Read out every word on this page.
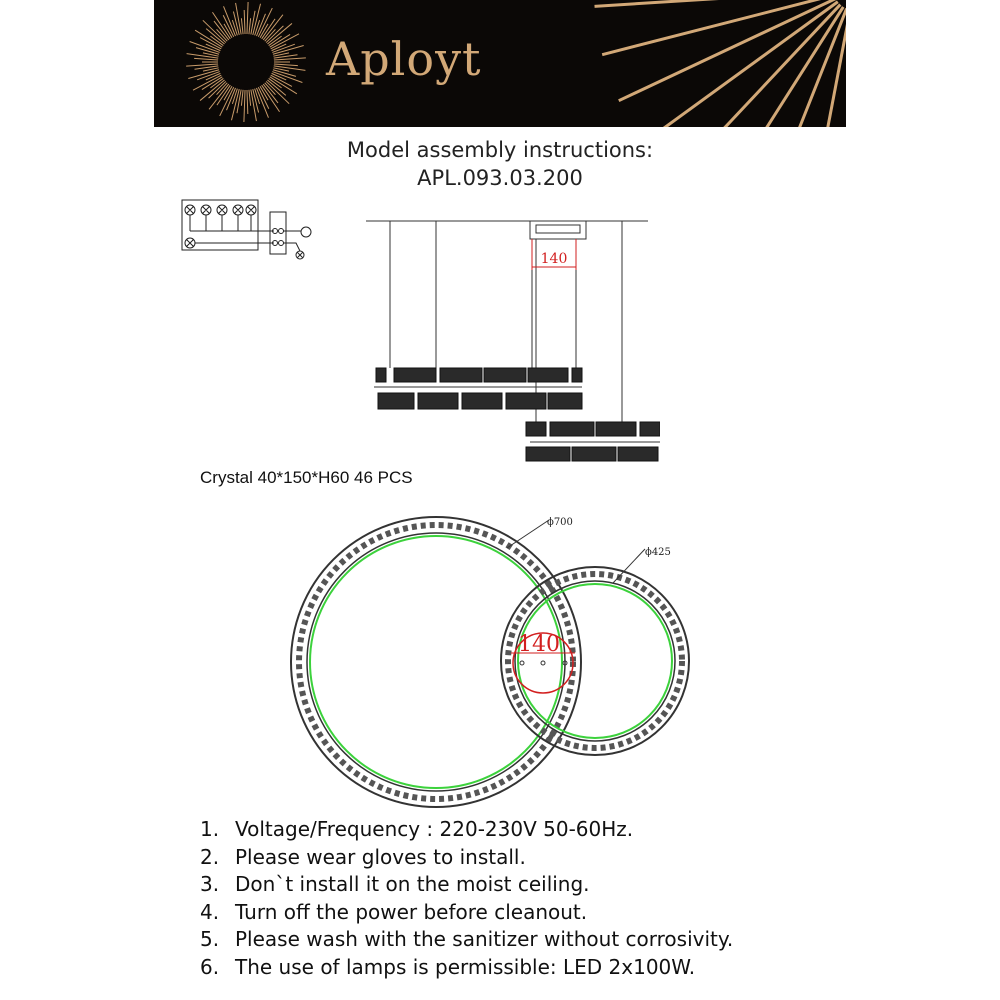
Aployt
Model assembly instructions:
APL.093.03.200
140
Crystal 40*150*H60 46 PCS
140
ϕ700
ϕ425
1. Voltage/Frequency : 220-230V 50-60Hz.
2. Please wear gloves to install.
3. Don`t install it on the moist ceiling.
4. Turn off the power before cleanout.
5. Please wash with the sanitizer without corrosivity.
6. The use of lamps is permissible: LED 2x100W.
